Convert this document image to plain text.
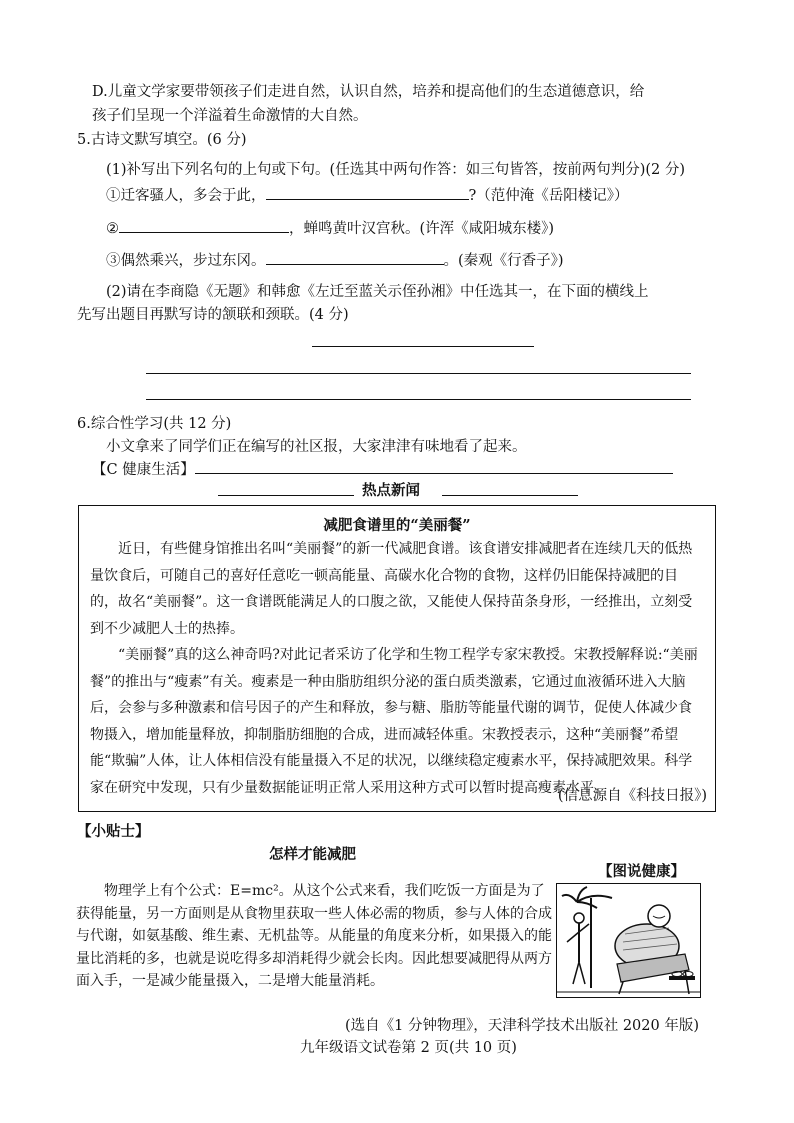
D.儿童文学家要带领孩子们走进自然，认识自然，培养和提高他们的生态道德意识，给
孩子们呈现一个洋溢着生命激情的大自然。
5.古诗文默写填空。(6 分)
(1)补写出下列名句的上句或下句。(任选其中两句作答：如三句皆答，按前两句判分)(2 分)
①迁客骚人，多会于此，	?（范仲淹《岳阳楼记》）
②	，蝉鸣黄叶汉宫秋。(许浑《咸阳城东楼》)
③偶然乘兴，步过东冈。	。(秦观《行香子》)
(2)请在李商隐《无题》和韩愈《左迁至蓝关示侄孙湘》中任选其一，在下面的横线上
先写出题目再默写诗的颔联和颈联。(4 分)
6.综合性学习(共 12 分)
小文拿来了同学们正在编写的社区报，大家津津有味地看了起来。
【C 健康生活】
热点新闻
减肥食谱里的“美丽餐”
近日，有些健身馆推出名叫“美丽餐”的新一代减肥食谱。该食谱安排减肥者在连续几天的低热量饮食后，可随自己的喜好任意吃一顿高能量、高碳水化合物的食物，这样仍旧能保持减肥的目的，故名“美丽餐”。这一食谱既能满足人的口腹之欲，又能使人保持苗条身形，一经推出，立刻受到不少减肥人士的热捧。
“美丽餐”真的这么神奇吗?对此记者采访了化学和生物工程学专家宋教授。宋教授解释说:“美丽餐”的推出与“瘦素”有关。瘦素是一种由脂肪组织分泌的蛋白质类激素，它通过血液循环进入大脑后，会参与多种激素和信号因子的产生和释放，参与糖、脂肪等能量代谢的调节，促使人体减少食物摄入，增加能量释放，抑制脂肪细胞的合成，进而减轻体重。宋教授表示，这种“美丽餐”希望能“欺骗”人体，让人体相信没有能量摄入不足的状况，以继续稳定瘦素水平，保持减肥效果。科学家在研究中发现，只有少量数据能证明正常人采用这种方式可以暂时提高瘦素水平。
(信息源自《科技日报》)
【小贴士】
怎样才能减肥
【图说健康】
物理学上有个公式：E=mc²。从这个公式来看，我们吃饭一方面是为了获得能量，另一方面则是从食物里获取一些人体必需的物质，参与人体的合成与代谢，如氨基酸、维生素、无机盐等。从能量的角度来分析，如果摄入的能量比消耗的多，也就是说吃得多却消耗得少就会长肉。因此想要减肥得从两方面入手，一是减少能量摄入，二是增大能量消耗。
(选自《1 分钟物理》，天津科学技术出版社 2020 年版)
九年级语文试卷第 2 页(共 10 页)
